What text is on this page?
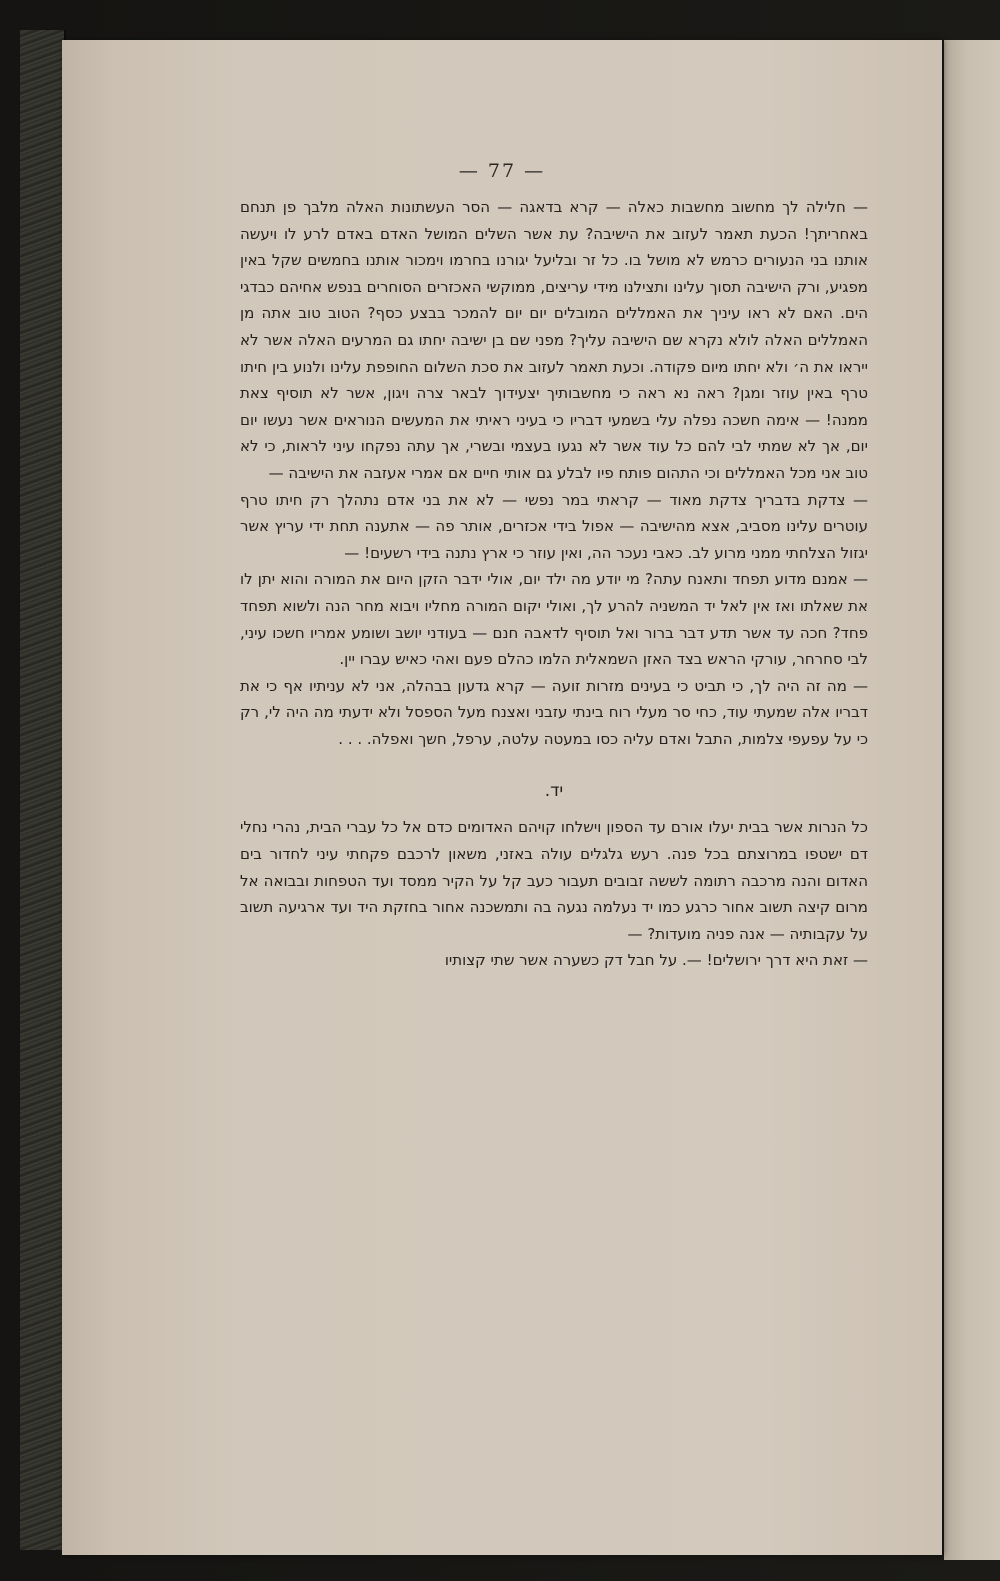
— 77 —

— חלילה לך מחשוב מחשבות כאלה — קרא בדאגה — הסר העשתונות האלה מלבך פן תנחם באחריתך! הכעת תאמר לעזוב את הישיבה? עת אשר השלים המושל האדם באדם לרע לו ויעשה אותנו בני הנעורים כרמש לא מושל בו. כל זר ובליעל יגורנו בחרמו וימכור אותנו בחמשים שקל באין מפגיע, ורק הישיבה תסוך עלינו ותצילנו מידי עריצים, ממוקשי האכזרים הסוחרים בנפש אחיהם כבדגי הים. האם לא ראו עיניך את האמללים המובלים יום יום להמכר בבצע כסף? הטוב טוב אתה מן האמללים האלה לולא נקרא שם הישיבה עליך? מפני שם בן ישיבה יחתו גם המרעים האלה אשר לא ייראו את ה׳ ולא יחתו מיום פקודה. וכעת תאמר לעזוב את סכת השלום החופפת עלינו ולנוע בין חיתו טרף באין עוזר ומגן? ראה נא ראה כי מחשבותיך יצעידוך לבאר צרה ויגון, אשר לא תוסיף צאת ממנה! — אימה חשכה נפלה עלי בשמעי דבריו כי בעיני ראיתי את המעשים הנוראים אשר נעשו יום יום, אך לא שמתי לבי להם כל עוד אשר לא נגעו בעצמי ובשרי, אך עתה נפקחו עיני לראות, כי לא טוב אני מכל האמללים וכי התהום פותח פיו לבלע גם אותי חיים אם אמרי אעזבה את הישיבה —

— צדקת בדבריך צדקת מאוד — קראתי במר נפשי — לא את בני אדם נתהלך רק חיתו טרף עוטרים עלינו מסביב, אצא מהישיבה — אפול בידי אכזרים, אותר פה — אתענה תחת ידי עריץ אשר יגזול הצלחתי ממני מרוע לב. כאבי נעכר הה, ואין עוזר כי ארץ נתנה בידי רשעים! —

— אמנם מדוע תפחד ותאנח עתה? מי יודע מה ילד יום, אולי ידבר הזקן היום את המורה והוא יתן לו את שאלתו ואז אין לאל יד המשניה להרע לך, ואולי יקום המורה מחליו ויבוא מחר הנה ולשוא תפחד פחד? חכה עד אשר תדע דבר ברור ואל תוסיף לדאבה חנם — בעודני יושב ושומע אמריו חשכו עיני, לבי סחרחר, עורקי הראש בצד האזן השמאלית הלמו כהלם פעם ואהי כאיש עברו יין.

— מה זה היה לך, כי תביט כי בעינים מזרות זועה — קרא גדעון בבהלה, אני לא עניתיו אף כי את דבריו אלה שמעתי עוד, כחי סר מעלי רוח בינתי עזבני ואצנח מעל הספסל ולא ידעתי מה היה לי, רק כי על עפעפי צלמות, התבל ואדם עליה כסו במעטה עלטה, ערפל, חשך ואפלה. . . .

יד.

כל הנרות אשר בבית יעלו אורם עד הספון וישלחו קויהם האדומים כדם אל כל עברי הבית, נהרי נחלי דם ישטפו במרוצתם בכל פנה. רעש גלגלים עולה באזני, משאון לרכבם פקחתי עיני לחדור בים האדום והנה מרכבה רתומה לששה זבובים תעבור כעב קל על הקיר ממסד ועד הטפחות ובבואה אל מרום קיצה תשוב אחור כרגע כמו יד נעלמה נגעה בה ותמשכנה אחור בחזקת היד ועד ארגיעה תשוב על עקבותיה — אנה פניה מועדות? —

— זאת היא דרך ירושלים! —. על חבל דק כשערה אשר שתי קצותיו
